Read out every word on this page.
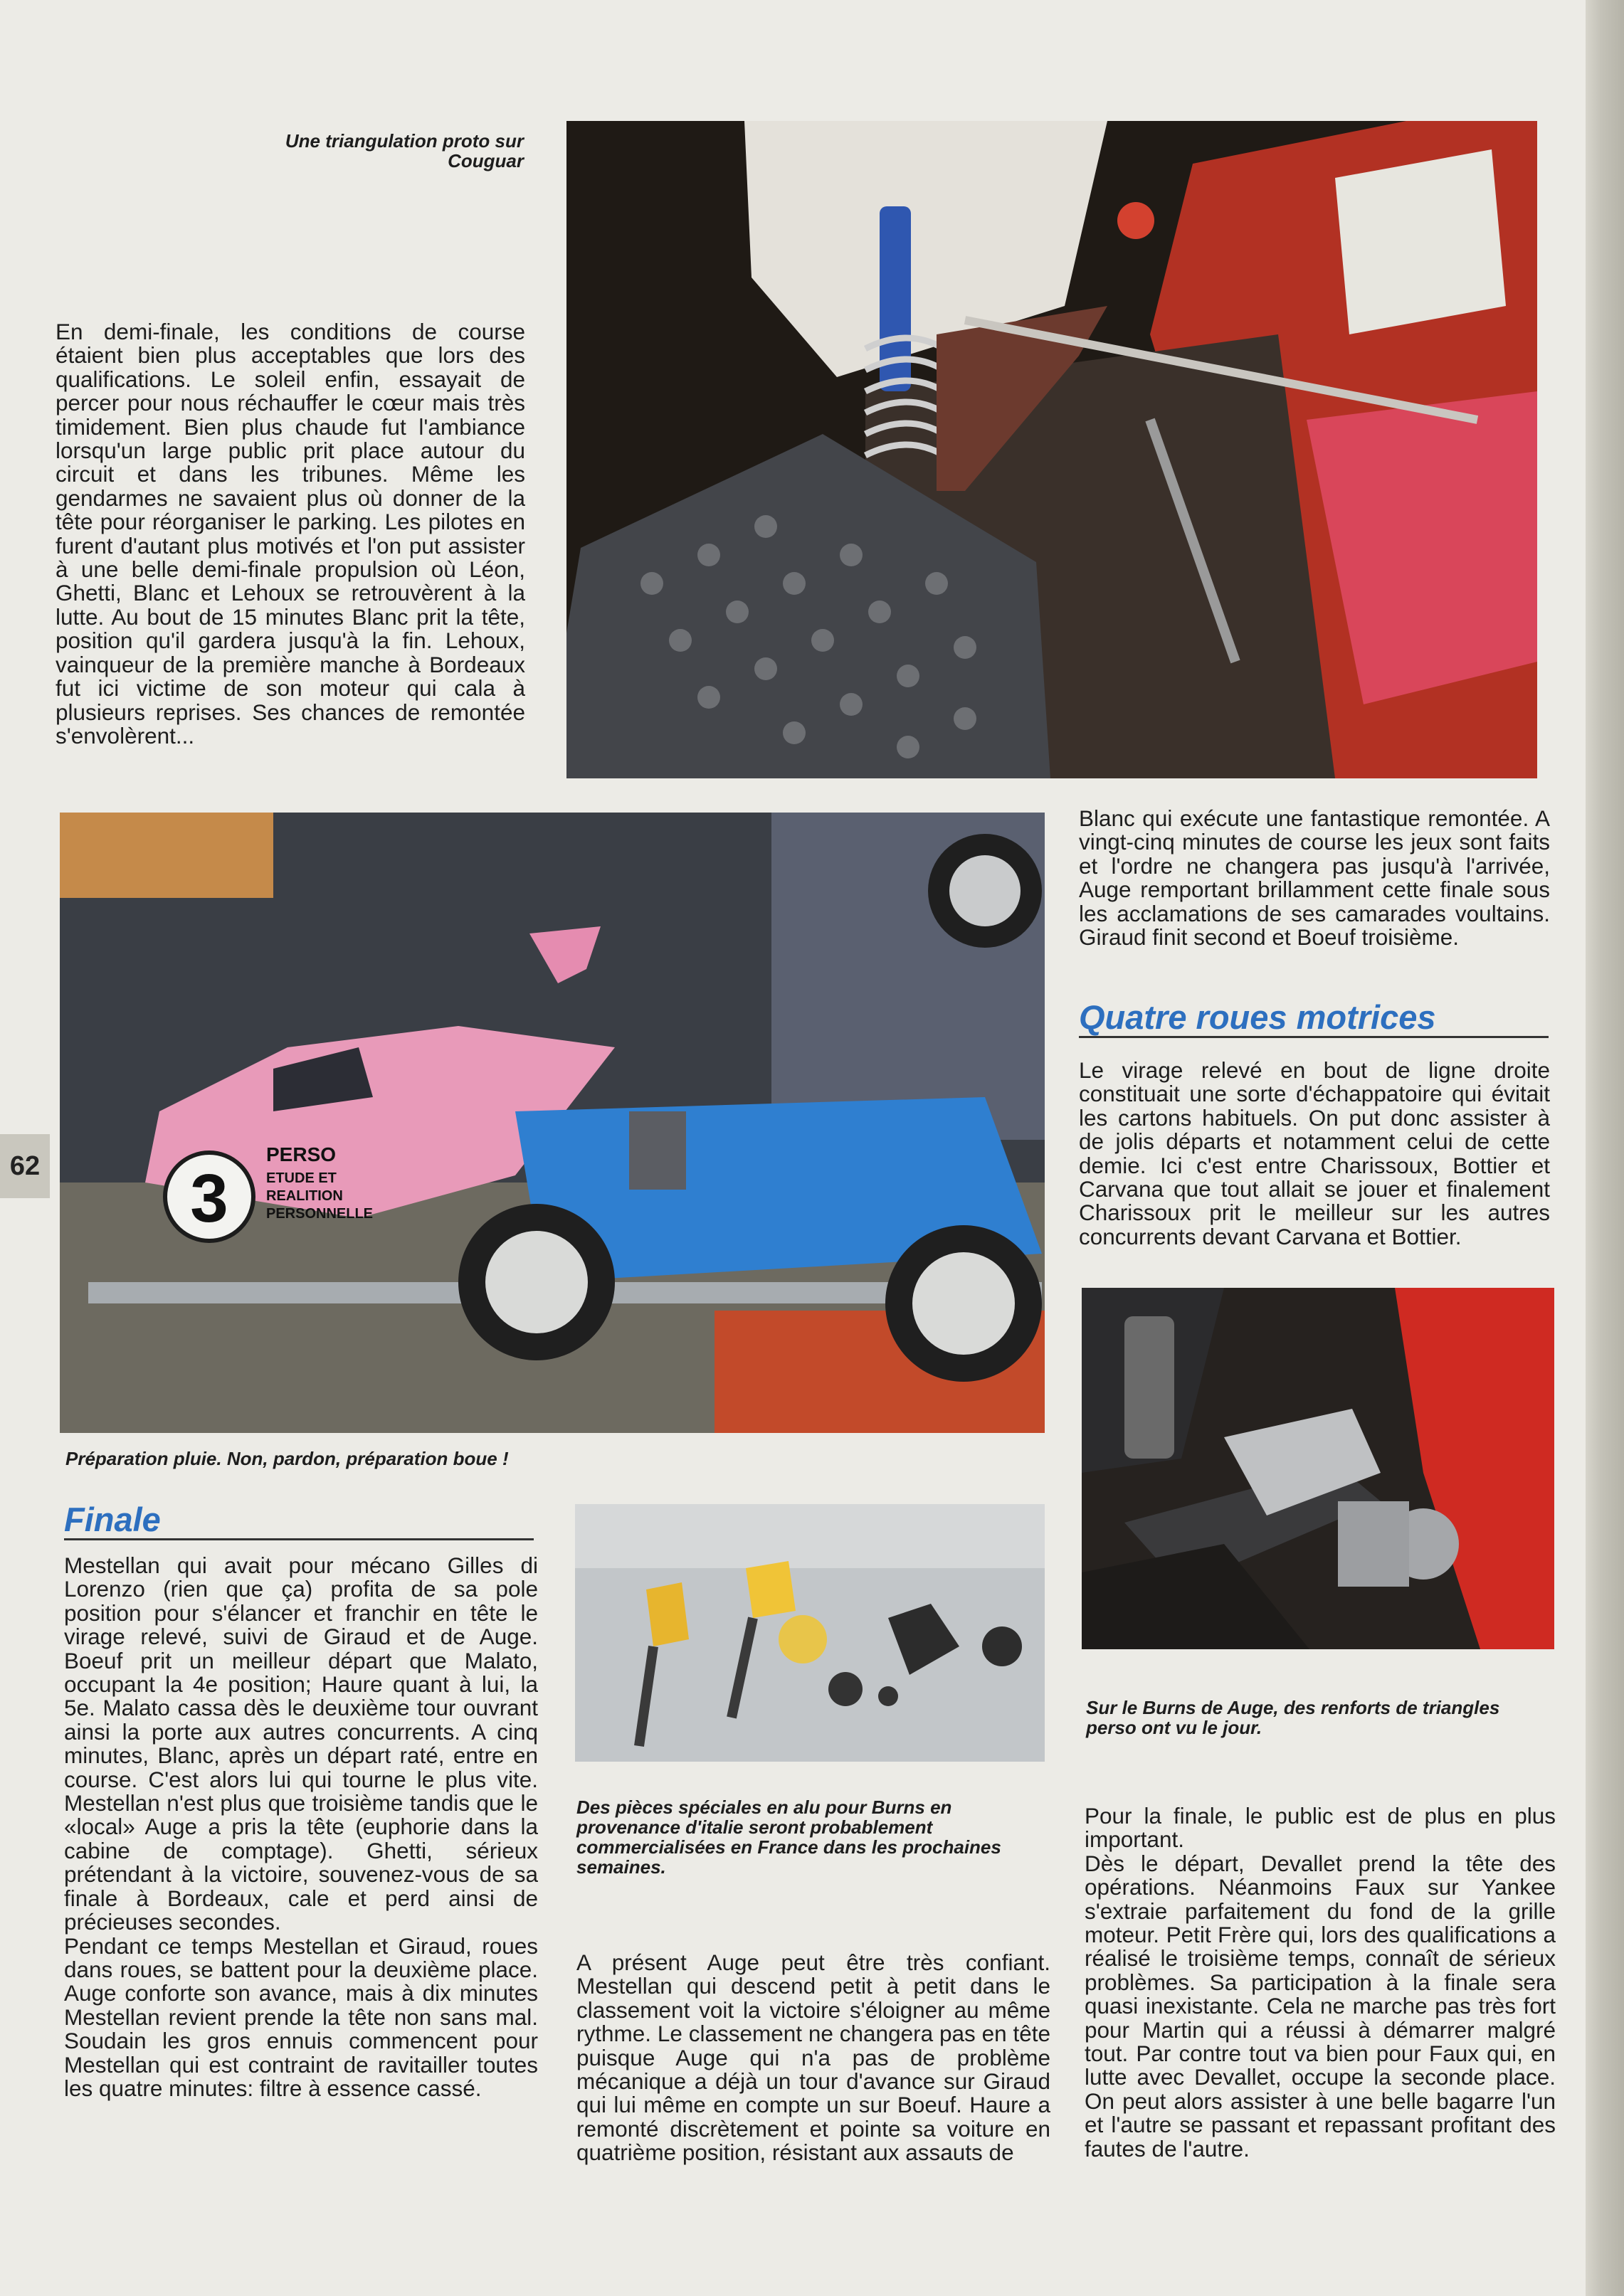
Une triangulation proto sur Couguar

En demi-finale, les conditions de course étaient bien plus acceptables que lors des qualifications. Le soleil enfin, essayait de percer pour nous réchauffer le cœur mais très timidement. Bien plus chaude fut l'ambiance lorsqu'un large public prit place autour du circuit et dans les tribunes. Même les gendarmes ne savaient plus où donner de la tête pour réorganiser le parking. Les pilotes en furent d'autant plus motivés et l'on put assister à une belle demi-finale propulsion où Léon, Ghetti, Blanc et Lehoux se retrouvèrent à la lutte. Au bout de 15 minutes Blanc prit la tête, position qu'il gardera jusqu'à la fin. Lehoux, vainqueur de la première manche à Bordeaux fut ici victime de son moteur qui cala à plusieurs reprises. Ses chances de remontée s'envolèrent...

3
PERSO
ETUDE ET
REALITION
PERSONNELLE
Préparation pluie. Non, pardon, préparation boue !

Blanc qui exécute une fantastique remontée. A vingt-cinq minutes de course les jeux sont faits et l'ordre ne changera pas jusqu'à l'arrivée, Auge remportant brillamment cette finale sous les acclamations de ses camarades voultains. Giraud finit second et Boeuf troisième.

Quatre roues motrices

Le virage relevé en bout de ligne droite constituait une sorte d'échappatoire qui évitait les cartons habituels. On put donc assister à de jolis départs et notamment celui de cette demie. Ici c'est entre Charissoux, Bottier et Carvana que tout allait se jouer et finalement Charissoux prit le meilleur sur les autres concurrents devant Carvana et Bottier.

Sur le Burns de Auge, des renforts de triangles perso ont vu le jour.
Finale

Mestellan qui avait pour mécano Gilles di Lorenzo (rien que ça) profita de sa pole position pour s'élancer et franchir en tête le virage relevé, suivi de Giraud et de Auge. Boeuf prit un meilleur départ que Malato, occupant la 4e position; Haure quant à lui, la 5e. Malato cassa dès le deuxième tour ouvrant ainsi la porte aux autres concurrents. A cinq minutes, Blanc, après un départ raté, entre en course. C'est alors lui qui tourne le plus vite. Mestellan n'est plus que troisième tandis que le «local» Auge a pris la tête (euphorie dans la cabine de comptage). Ghetti, sérieux prétendant à la victoire, souvenez-vous de sa finale à Bordeaux, cale et perd ainsi de précieuses secondes.

Pendant ce temps Mestellan et Giraud, roues dans roues, se battent pour la deuxième place. Auge conforte son avance, mais à dix minutes Mestellan revient prende la tête non sans mal. Soudain les gros ennuis commencent pour Mestellan qui est contraint de ravitailler toutes les quatre minutes: filtre à essence cassé.

Des pièces spéciales en alu pour Burns en provenance d'italie seront probablement commercialisées en France dans les prochaines semaines.

A présent Auge peut être très confiant. Mestellan qui descend petit à petit dans le classement voit la victoire s'éloigner au même rythme. Le classement ne changera pas en tête puisque Auge qui n'a pas de problème mécanique a déjà un tour d'avance sur Giraud qui lui même en compte un sur Boeuf. Haure a remonté discrètement et pointe sa voiture en quatrième position, résistant aux assauts de

Pour la finale, le public est de plus en plus important.

Dès le départ, Devallet prend la tête des opérations. Néanmoins Faux sur Yankee s'extraie parfaitement du fond de la grille moteur. Petit Frère qui, lors des qualifications a réalisé le troisième temps, connaît de sérieux problèmes. Sa participation à la finale sera quasi inexistante. Cela ne marche pas très fort pour Martin qui a réussi à démarrer malgré tout. Par contre tout va bien pour Faux qui, en lutte avec Devallet, occupe la seconde place. On peut alors assister à une belle bagarre l'un et l'autre se passant et repassant profitant des fautes de l'autre.

62
